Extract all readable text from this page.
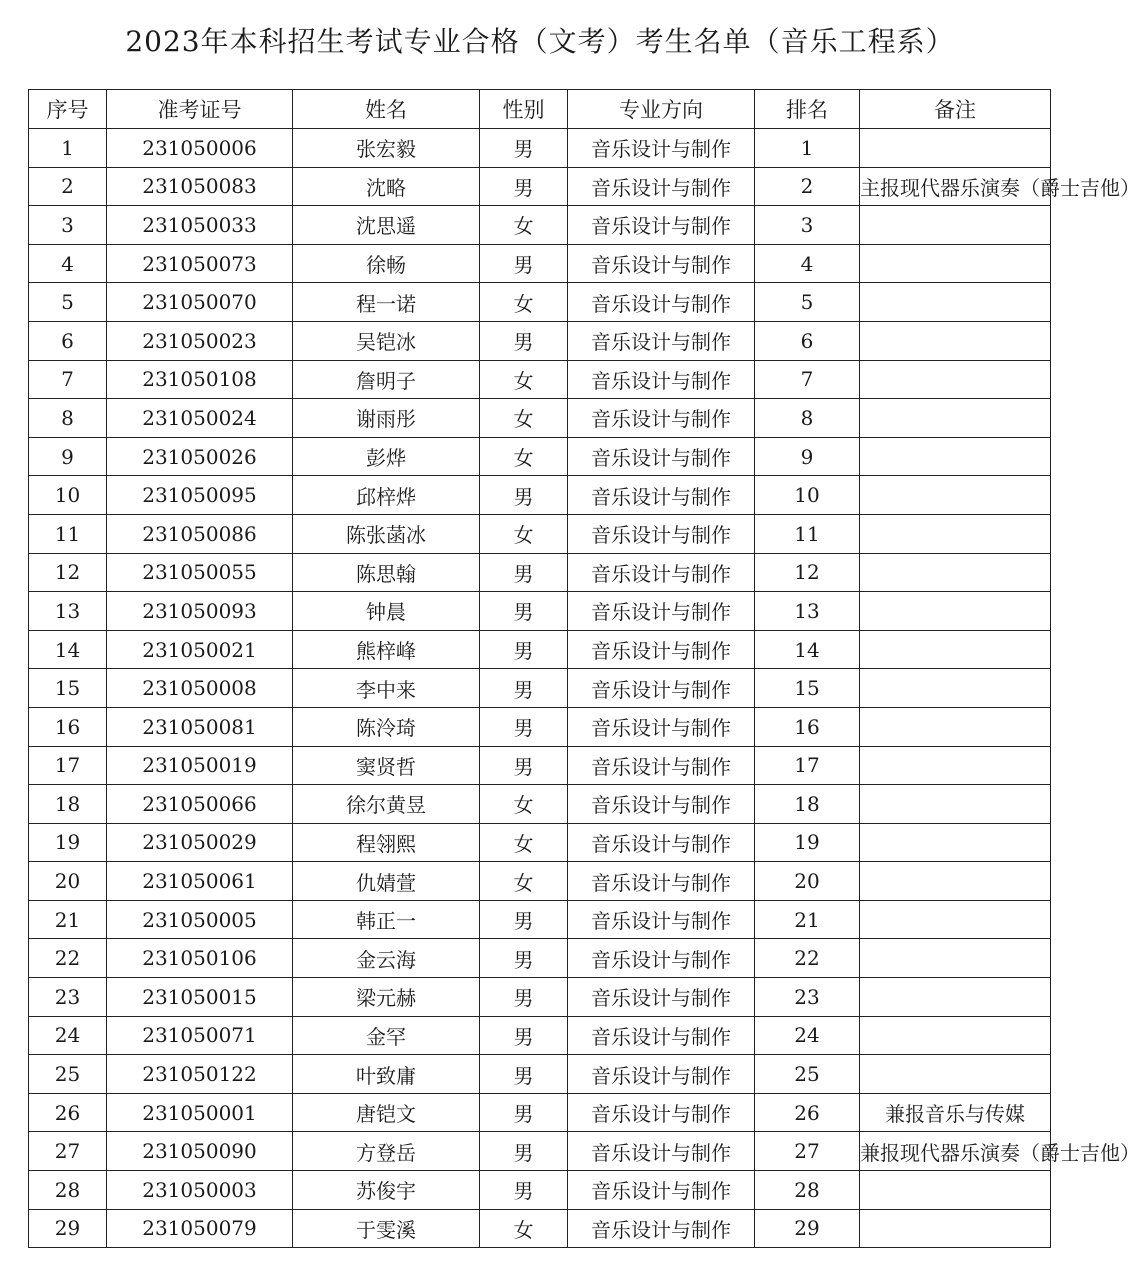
2023年本科招生考试专业合格（文考）考生名单（音乐工程系）
序号	准考证号	姓名	性别	专业方向	排名	备注
1	231050006	张宏毅	男	音乐设计与制作	1	
2	231050083	沈略	男	音乐设计与制作	2	主报现代器乐演奏（爵士吉他）
3	231050033	沈思遥	女	音乐设计与制作	3	
4	231050073	徐畅	男	音乐设计与制作	4	
5	231050070	程一诺	女	音乐设计与制作	5	
6	231050023	吴铠冰	男	音乐设计与制作	6	
7	231050108	詹明子	女	音乐设计与制作	7	
8	231050024	谢雨彤	女	音乐设计与制作	8	
9	231050026	彭烨	女	音乐设计与制作	9	
10	231050095	邱梓烨	男	音乐设计与制作	10	
11	231050086	陈张菡冰	女	音乐设计与制作	11	
12	231050055	陈思翰	男	音乐设计与制作	12	
13	231050093	钟晨	男	音乐设计与制作	13	
14	231050021	熊梓峰	男	音乐设计与制作	14	
15	231050008	李中来	男	音乐设计与制作	15	
16	231050081	陈泠琦	男	音乐设计与制作	16	
17	231050019	窦贤哲	男	音乐设计与制作	17	
18	231050066	徐尔黄昱	女	音乐设计与制作	18	
19	231050029	程翎熙	女	音乐设计与制作	19	
20	231050061	仇婧萱	女	音乐设计与制作	20	
21	231050005	韩正一	男	音乐设计与制作	21	
22	231050106	金云海	男	音乐设计与制作	22	
23	231050015	梁元赫	男	音乐设计与制作	23	
24	231050071	金罕	男	音乐设计与制作	24	
25	231050122	叶致庸	男	音乐设计与制作	25	
26	231050001	唐铠文	男	音乐设计与制作	26	兼报音乐与传媒
27	231050090	方登岳	男	音乐设计与制作	27	兼报现代器乐演奏（爵士吉他）
28	231050003	苏俊宇	男	音乐设计与制作	28	
29	231050079	于雯溪	女	音乐设计与制作	29	
